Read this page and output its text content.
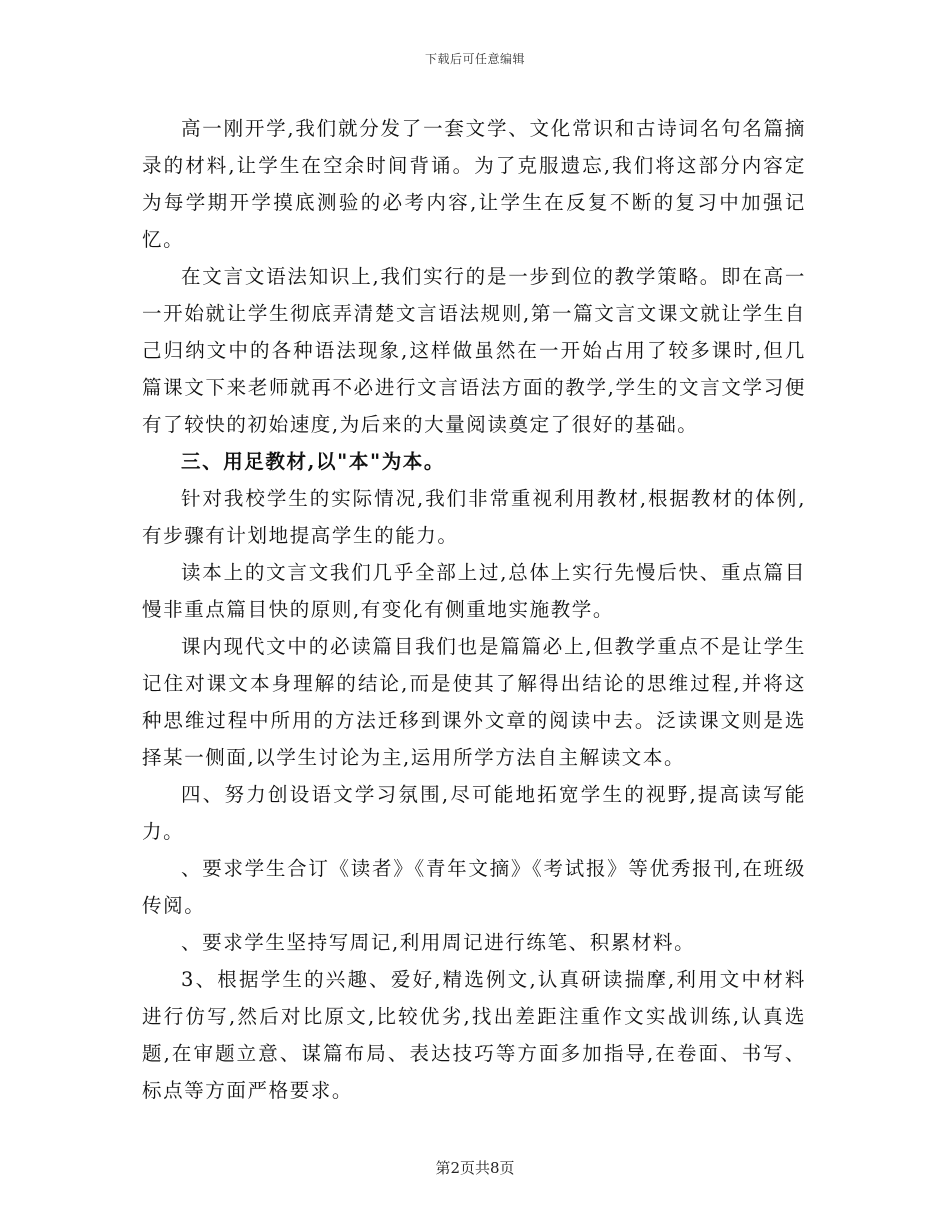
下载后可任意编辑

高一刚开学,我们就分发了一套文学、文化常识和古诗词名句名篇摘录的材料,让学生在空余时间背诵。为了克服遗忘,我们将这部分内容定为每学期开学摸底测验的必考内容,让学生在反复不断的复习中加强记忆。

在文言文语法知识上,我们实行的是一步到位的教学策略。即在高一一开始就让学生彻底弄清楚文言语法规则,第一篇文言文课文就让学生自己归纳文中的各种语法现象,这样做虽然在一开始占用了较多课时,但几篇课文下来老师就再不必进行文言语法方面的教学,学生的文言文学习便有了较快的初始速度,为后来的大量阅读奠定了很好的基础。

三、用足教材,以"本"为本。

针对我校学生的实际情况,我们非常重视利用教材,根据教材的体例,有步骤有计划地提高学生的能力。

读本上的文言文我们几乎全部上过,总体上实行先慢后快、重点篇目慢非重点篇目快的原则,有变化有侧重地实施教学。

课内现代文中的必读篇目我们也是篇篇必上,但教学重点不是让学生记住对课文本身理解的结论,而是使其了解得出结论的思维过程,并将这种思维过程中所用的方法迁移到课外文章的阅读中去。泛读课文则是选择某一侧面,以学生讨论为主,运用所学方法自主解读文本。

四、努力创设语文学习氛围,尽可能地拓宽学生的视野,提高读写能力。

、要求学生合订《读者》《青年文摘》《考试报》等优秀报刊,在班级传阅。

、要求学生坚持写周记,利用周记进行练笔、积累材料。

3、根据学生的兴趣、爱好,精选例文,认真研读揣摩,利用文中材料进行仿写,然后对比原文,比较优劣,找出差距注重作文实战训练,认真选题,在审题立意、谋篇布局、表达技巧等方面多加指导,在卷面、书写、标点等方面严格要求。

第2页共8页
